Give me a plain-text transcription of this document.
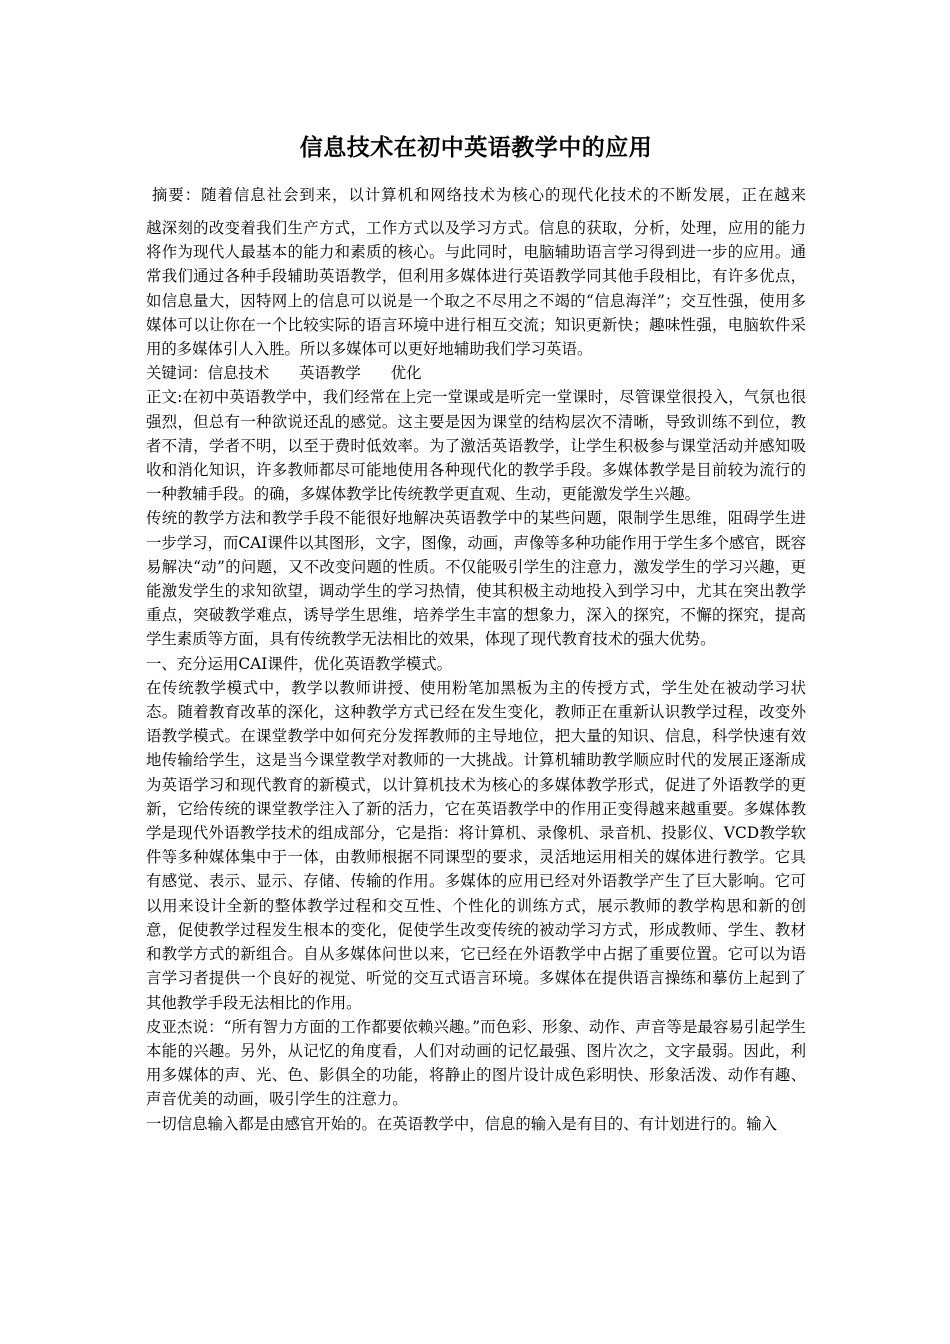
信息技术在初中英语教学中的应用
摘要：随着信息社会到来，以计算机和网络技术为核心的现代化技术的不断发展，正在越来
越深刻的改变着我们生产方式，工作方式以及学习方式。信息的获取，分析，处理，应用的能力将作为现代人最基本的能力和素质的核心。与此同时，电脑辅助语言学习得到进一步的应用。通常我们通过各种手段辅助英语教学，但利用多媒体进行英语教学同其他手段相比，有许多优点，如信息量大，因特网上的信息可以说是一个取之不尽用之不竭的“信息海洋”；交互性强，使用多媒体可以让你在一个比较实际的语言环境中进行相互交流；知识更新快；趣味性强，电脑软件采用的多媒体引人入胜。所以多媒体可以更好地辅助我们学习英语。
关键词：信息技术 英语教学 优化
正文:在初中英语教学中，我们经常在上完一堂课或是听完一堂课时，尽管课堂很投入，气氛也很强烈，但总有一种欲说还乱的感觉。这主要是因为课堂的结构层次不清晰，导致训练不到位，教者不清，学者不明，以至于费时低效率。为了激活英语教学，让学生积极参与课堂活动并感知吸收和消化知识，许多教师都尽可能地使用各种现代化的教学手段。多媒体教学是目前较为流行的一种教辅手段。的确，多媒体教学比传统教学更直观、生动，更能激发学生兴趣。
传统的教学方法和教学手段不能很好地解决英语教学中的某些问题，限制学生思维，阻碍学生进一步学习，而CAI课件以其图形，文字，图像，动画，声像等多种功能作用于学生多个感官，既容易解决“动”的问题，又不改变问题的性质。不仅能吸引学生的注意力，激发学生的学习兴趣，更能激发学生的求知欲望，调动学生的学习热情，使其积极主动地投入到学习中，尤其在突出教学重点，突破教学难点，诱导学生思维，培养学生丰富的想象力，深入的探究，不懈的探究，提高学生素质等方面，具有传统教学无法相比的效果，体现了现代教育技术的强大优势。
一、充分运用CAI课件，优化英语教学模式。
在传统教学模式中，教学以教师讲授、使用粉笔加黑板为主的传授方式，学生处在被动学习状态。随着教育改革的深化，这种教学方式已经在发生变化，教师正在重新认识教学过程，改变外语教学模式。在课堂教学中如何充分发挥教师的主导地位，把大量的知识、信息，科学快速有效地传输给学生，这是当今课堂教学对教师的一大挑战。计算机辅助教学顺应时代的发展正逐渐成为英语学习和现代教育的新模式，以计算机技术为核心的多媒体教学形式，促进了外语教学的更新，它给传统的课堂教学注入了新的活力，它在英语教学中的作用正变得越来越重要。多媒体教学是现代外语教学技术的组成部分，它是指：将计算机、录像机、录音机、投影仪、VCD教学软件等多种媒体集中于一体，由教师根据不同课型的要求，灵活地运用相关的媒体进行教学。它具有感觉、表示、显示、存储、传输的作用。多媒体的应用已经对外语教学产生了巨大影响。它可以用来设计全新的整体教学过程和交互性、个性化的训练方式，展示教师的教学构思和新的创意，促使教学过程发生根本的变化，促使学生改变传统的被动学习方式，形成教师、学生、教材和教学方式的新组合。自从多媒体问世以来，它已经在外语教学中占据了重要位置。它可以为语言学习者提供一个良好的视觉、听觉的交互式语言环境。多媒体在提供语言操练和摹仿上起到了其他教学手段无法相比的作用。
皮亚杰说：“所有智力方面的工作都要依赖兴趣。”而色彩、形象、动作、声音等是最容易引起学生本能的兴趣。另外，从记忆的角度看，人们对动画的记忆最强、图片次之，文字最弱。因此，利用多媒体的声、光、色、影俱全的功能，将静止的图片设计成色彩明快、形象活泼、动作有趣、声音优美的动画，吸引学生的注意力。
一切信息输入都是由感官开始的。在英语教学中，信息的输入是有目的、有计划进行的。输入
